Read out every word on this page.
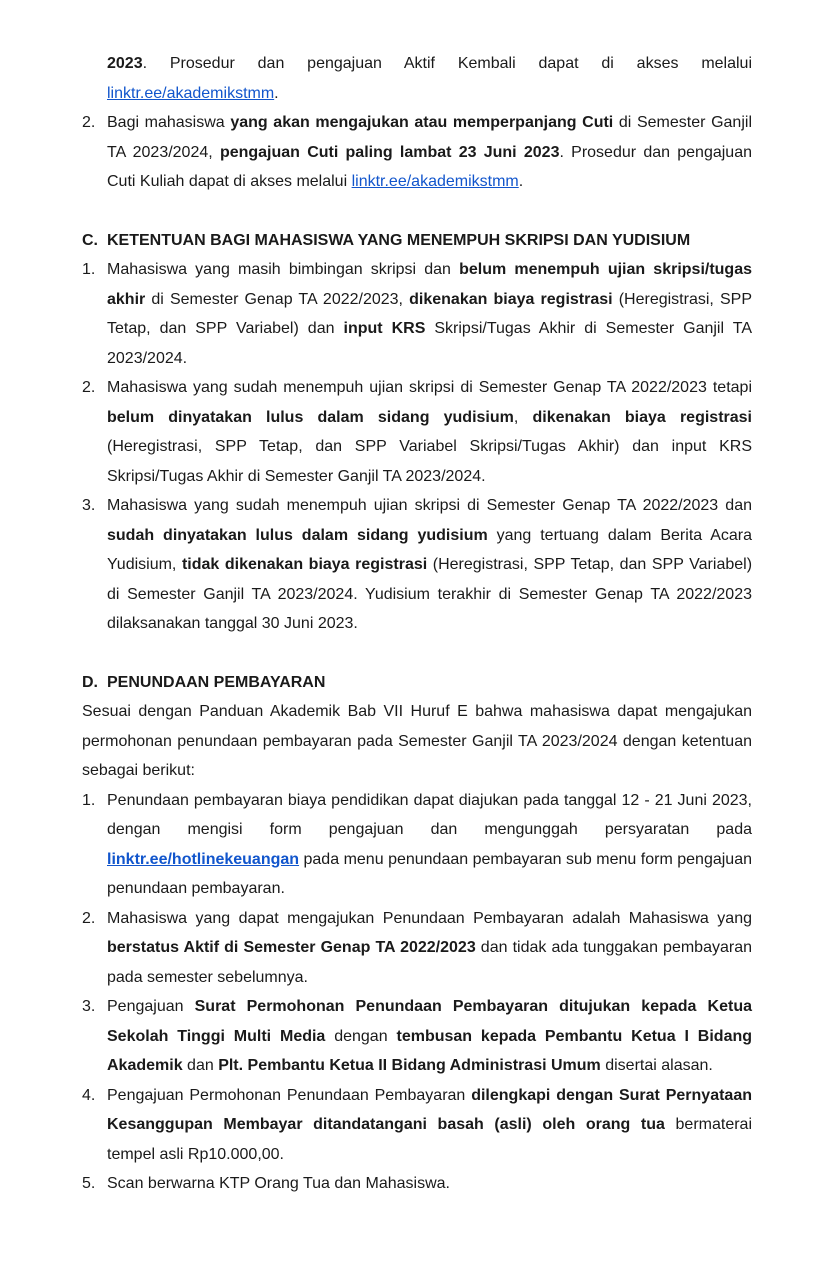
2023. Prosedur dan pengajuan Aktif Kembali dapat di akses melalui linktr.ee/akademikstmm.
2. Bagi mahasiswa yang akan mengajukan atau memperpanjang Cuti di Semester Ganjil TA 2023/2024, pengajuan Cuti paling lambat 23 Juni 2023. Prosedur dan pengajuan Cuti Kuliah dapat di akses melalui linktr.ee/akademikstmm.
C. KETENTUAN BAGI MAHASISWA YANG MENEMPUH SKRIPSI DAN YUDISIUM
1. Mahasiswa yang masih bimbingan skripsi dan belum menempuh ujian skripsi/tugas akhir di Semester Genap TA 2022/2023, dikenakan biaya registrasi (Heregistrasi, SPP Tetap, dan SPP Variabel) dan input KRS Skripsi/Tugas Akhir di Semester Ganjil TA 2023/2024.
2. Mahasiswa yang sudah menempuh ujian skripsi di Semester Genap TA 2022/2023 tetapi belum dinyatakan lulus dalam sidang yudisium, dikenakan biaya registrasi (Heregistrasi, SPP Tetap, dan SPP Variabel Skripsi/Tugas Akhir) dan input KRS Skripsi/Tugas Akhir di Semester Ganjil TA 2023/2024.
3. Mahasiswa yang sudah menempuh ujian skripsi di Semester Genap TA 2022/2023 dan sudah dinyatakan lulus dalam sidang yudisium yang tertuang dalam Berita Acara Yudisium, tidak dikenakan biaya registrasi (Heregistrasi, SPP Tetap, dan SPP Variabel) di Semester Ganjil TA 2023/2024. Yudisium terakhir di Semester Genap TA 2022/2023 dilaksanakan tanggal 30 Juni 2023.
D. PENUNDAAN PEMBAYARAN
Sesuai dengan Panduan Akademik Bab VII Huruf E bahwa mahasiswa dapat mengajukan permohonan penundaan pembayaran pada Semester Ganjil TA 2023/2024 dengan ketentuan sebagai berikut:
1. Penundaan pembayaran biaya pendidikan dapat diajukan pada tanggal 12 - 21 Juni 2023, dengan mengisi form pengajuan dan mengunggah persyaratan pada linktr.ee/hotlinekeuangan pada menu penundaan pembayaran sub menu form pengajuan penundaan pembayaran.
2. Mahasiswa yang dapat mengajukan Penundaan Pembayaran adalah Mahasiswa yang berstatus Aktif di Semester Genap TA 2022/2023 dan tidak ada tunggakan pembayaran pada semester sebelumnya.
3. Pengajuan Surat Permohonan Penundaan Pembayaran ditujukan kepada Ketua Sekolah Tinggi Multi Media dengan tembusan kepada Pembantu Ketua I Bidang Akademik dan Plt. Pembantu Ketua II Bidang Administrasi Umum disertai alasan.
4. Pengajuan Permohonan Penundaan Pembayaran dilengkapi dengan Surat Pernyataan Kesanggupan Membayar ditandatangani basah (asli) oleh orang tua bermaterai tempel asli Rp10.000,00.
5. Scan berwarna KTP Orang Tua dan Mahasiswa.
